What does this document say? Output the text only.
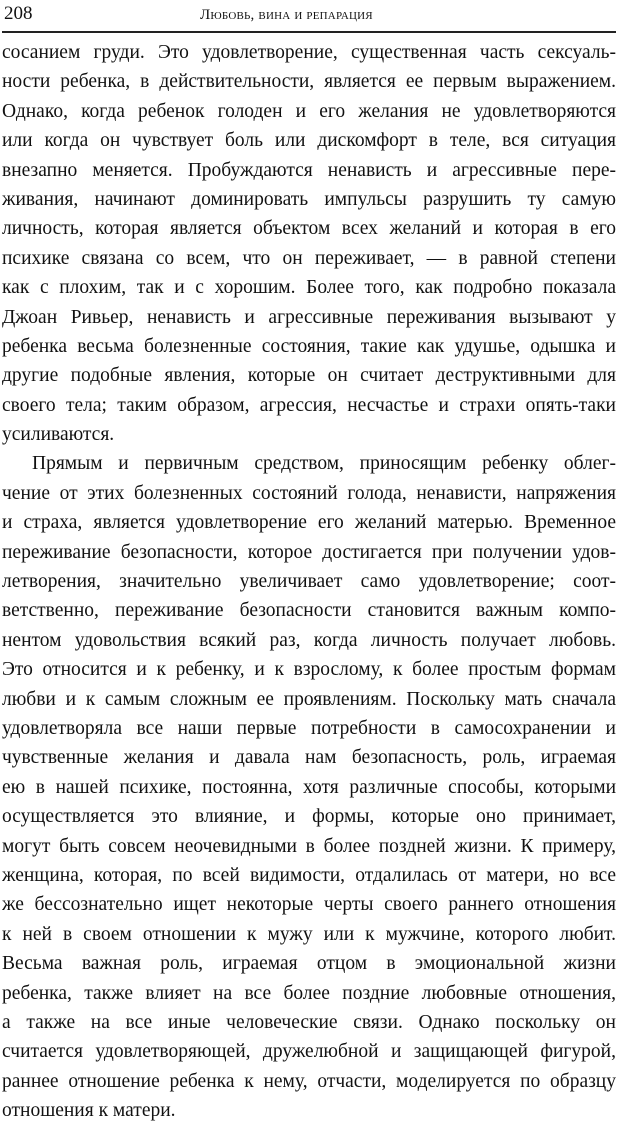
208	Любовь, вина и репарация
сосанием груди. Это удовлетворение, существенная часть сексуаль-
ности ребенка, в действительности, является ее первым выражением.
Однако, когда ребенок голоден и его желания не удовлетворяются
или когда он чувствует боль или дискомфорт в теле, вся ситуация
внезапно меняется. Пробуждаются ненависть и агрессивные пере-
живания, начинают доминировать импульсы разрушить ту самую
личность, которая является объектом всех желаний и которая в его
психике связана со всем, что он переживает, — в равной степени
как с плохим, так и с хорошим. Более того, как подробно показала
Джоан Ривьер, ненависть и агрессивные переживания вызывают у
ребенка весьма болезненные состояния, такие как удушье, одышка и
другие подобные явления, которые он считает деструктивными для
своего тела; таким образом, агрессия, несчастье и страхи опять-таки
усиливаются.
Прямым и первичным средством, приносящим ребенку облег-
чение от этих болезненных состояний голода, ненависти, напряжения
и страха, является удовлетворение его желаний матерью. Временное
переживание безопасности, которое достигается при получении удов-
летворения, значительно увеличивает само удовлетворение; соот-
ветственно, переживание безопасности становится важным компо-
нентом удовольствия всякий раз, когда личность получает любовь.
Это относится и к ребенку, и к взрослому, к более простым формам
любви и к самым сложным ее проявлениям. Поскольку мать сначала
удовлетворяла все наши первые потребности в самосохранении и
чувственные желания и давала нам безопасность, роль, играемая
ею в нашей психике, постоянна, хотя различные способы, которыми
осуществляется это влияние, и формы, которые оно принимает,
могут быть совсем неочевидными в более поздней жизни. К примеру,
женщина, которая, по всей видимости, отдалилась от матери, но все
же бессознательно ищет некоторые черты своего раннего отношения
к ней в своем отношении к мужу или к мужчине, которого любит.
Весьма важная роль, играемая отцом в эмоциональной жизни
ребенка, также влияет на все более поздние любовные отношения,
а также на все иные человеческие связи. Однако поскольку он
считается удовлетворяющей, дружелюбной и защищающей фигурой,
раннее отношение ребенка к нему, отчасти, моделируется по образцу
отношения к матери.
